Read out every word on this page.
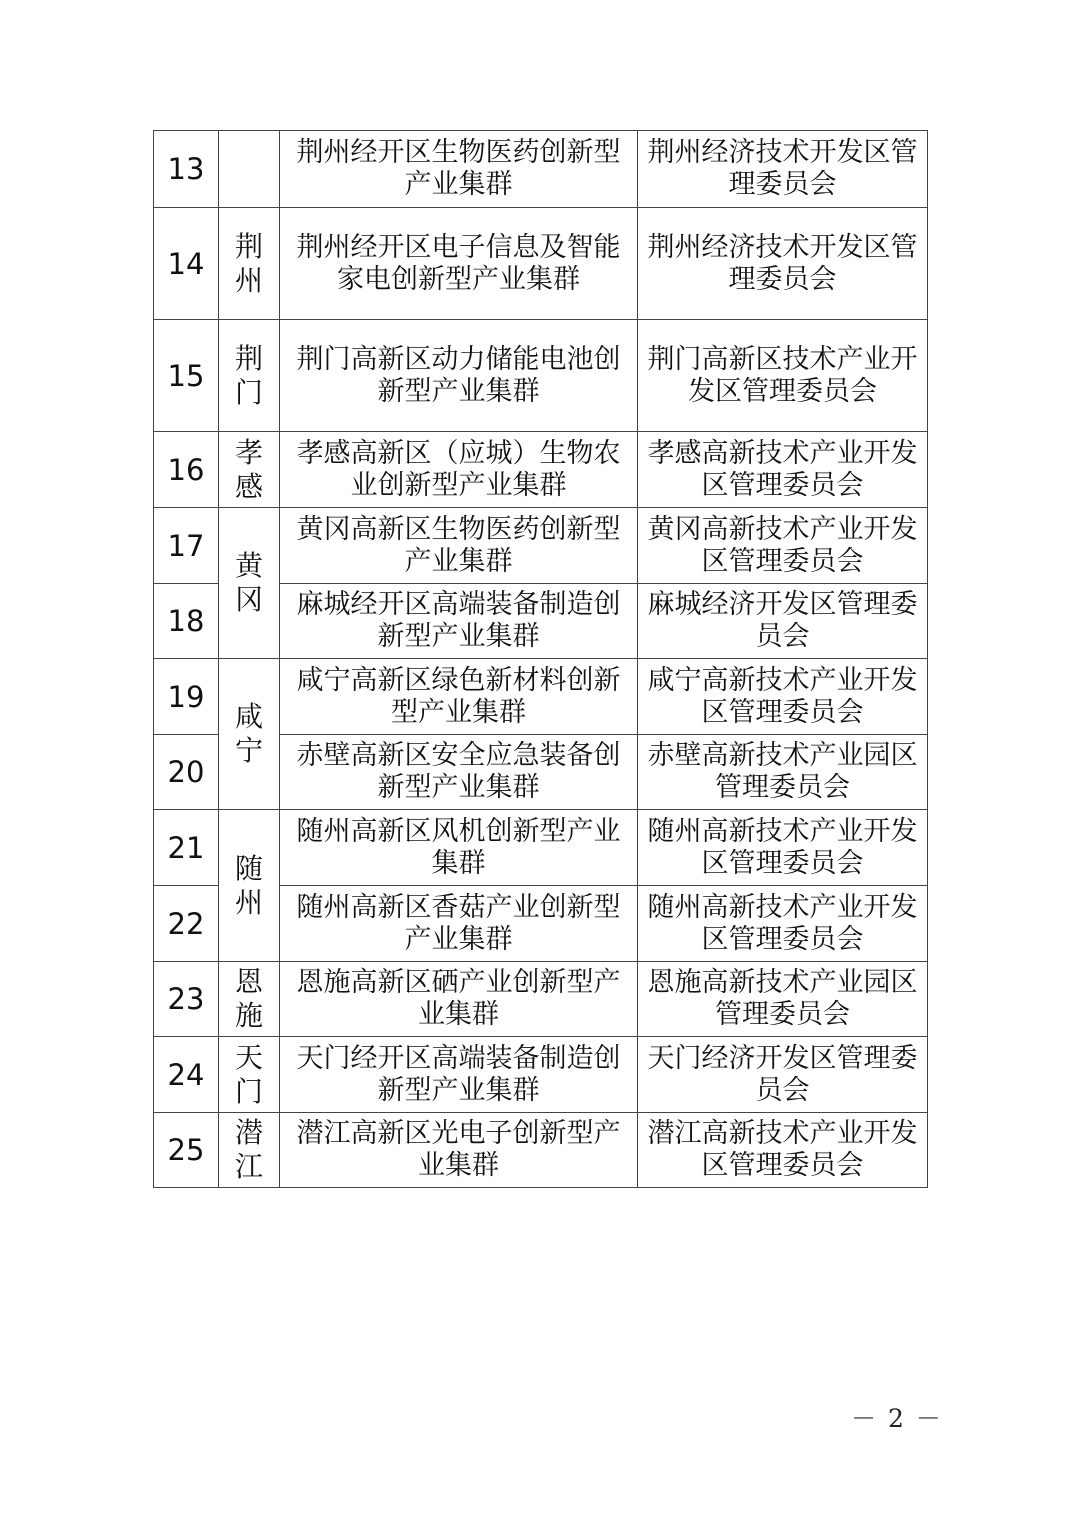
13		荆州经开区生物医药创新型产业集群	荆州经济技术开发区管理委员会
14	荆州	荆州经开区电子信息及智能家电创新型产业集群	荆州经济技术开发区管理委员会
15	荆门	荆门高新区动力储能电池创新型产业集群	荆门高新区技术产业开发区管理委员会
16	孝感	孝感高新区（应城）生物农业创新型产业集群	孝感高新技术产业开发区管理委员会
17	黄冈	黄冈高新区生物医药创新型产业集群	黄冈高新技术产业开发区管理委员会
18		麻城经开区高端装备制造创新型产业集群	麻城经济开发区管理委员会
19	咸宁	咸宁高新区绿色新材料创新型产业集群	咸宁高新技术产业开发区管理委员会
20		赤壁高新区安全应急装备创新型产业集群	赤壁高新技术产业园区管理委员会
21	随州	随州高新区风机创新型产业集群	随州高新技术产业开发区管理委员会
22		随州高新区香菇产业创新型产业集群	随州高新技术产业开发区管理委员会
23	恩施	恩施高新区硒产业创新型产业集群	恩施高新技术产业园区管理委员会
24	天门	天门经开区高端装备制造创新型产业集群	天门经济开发区管理委员会
25	潜江	潜江高新区光电子创新型产业集群	潜江高新技术产业开发区管理委员会
－ 2 －
